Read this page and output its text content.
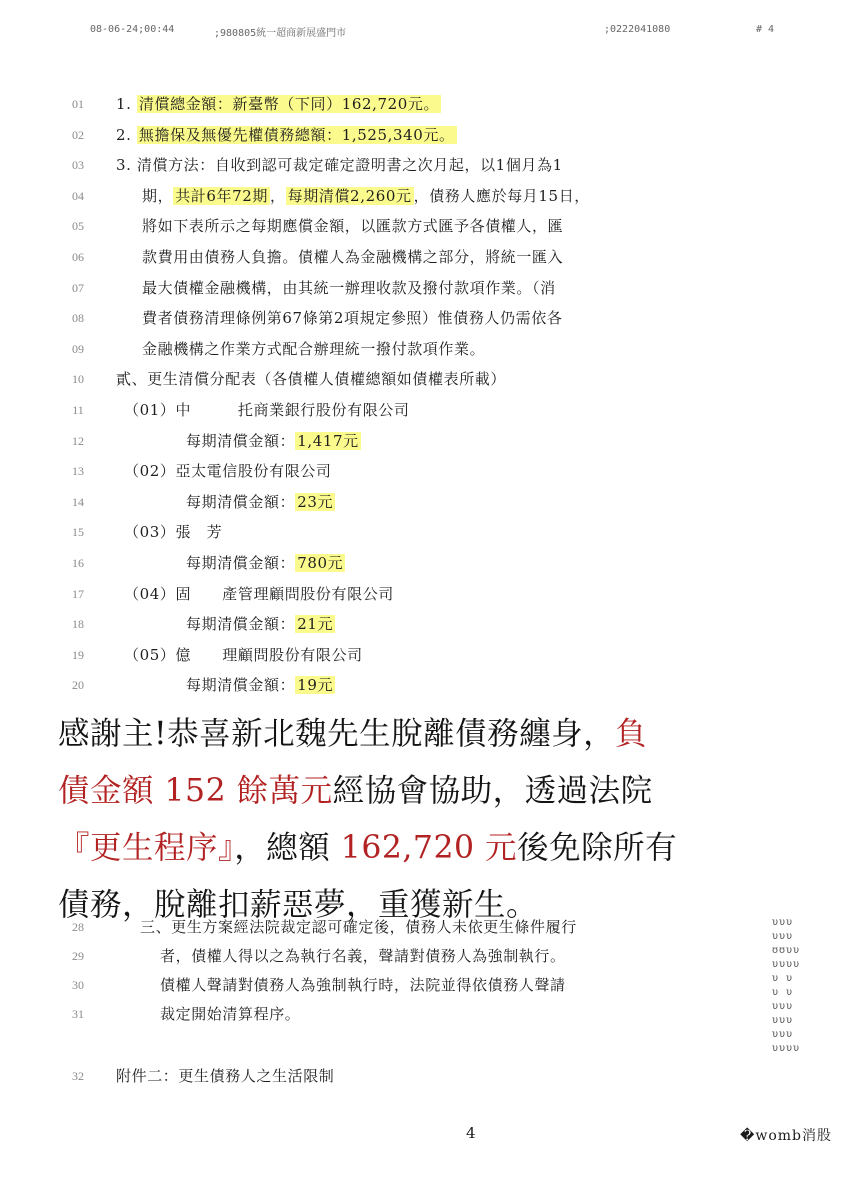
08-06-24;00:44	;980805統一超商新展盛門市	;0222041080	# 4
01	1. 清償總金額：新臺幣（下同）162,720元。
02	2. 無擔保及無優先權債務總額：1,525,340元。
03	3. 清償方法：自收到認可裁定確定證明書之次月起，以1個月為1
04	期， 共計6年72期 ， 每期清償2,260元 ，債務人應於每月15日，
05	將如下表所示之每期應償金額，以匯款方式匯予各債權人，匯
06	款費用由債務人負擔。債權人為金融機構之部分，將統一匯入
07	最大債權金融機構，由其統一辦理收款及撥付款項作業。（消
08	費者債務清理條例第67條第2項規定參照）惟債務人仍需依各
09	金融機構之作業方式配合辦理統一撥付款項作業。
10	貳、更生清償分配表（各債權人債權總額如債權表所載）
11	（01）中　　　托商業銀行股份有限公司
12	每期清償金額： 1,417元
13	（02）亞太電信股份有限公司
14	每期清償金額： 23元
15	（03）張　芳
16	每期清償金額： 780元
17	（04）固　　產管理顧問股份有限公司
18	每期清償金額： 21元
19	（05）億　　理顧問股份有限公司
20	每期清償金額： 19元
感謝主!恭喜新北魏先生脫離債務纏身，負
債金額 152 餘萬元經協會協助，透過法院
『更生程序』，總額 162,720 元後免除所有
債務，脫離扣薪惡夢，重獲新生。
28	三、更生方案經法院裁定認可確定後，債務人未依更生條件履行
29	者，債權人得以之為執行名義，聲請對債務人為強制執行。
30	債權人聲請對債務人為強制執行時，法院並得依債務人聲請
31	裁定開始清算程序。
32	附件二：更生債務人之生活限制
υυυ
υυυ
ʊʊυυ
υυυυ
υ υ
υ υ
υυυ
υυυ
υυυ
υυυυ
4	�womb消股
